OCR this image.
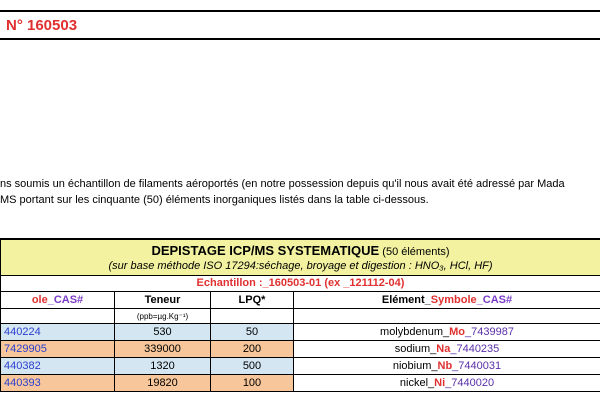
N° 160503
ns soumis un échantillon de filaments aéroportés (en notre possession depuis qu'il nous avait été adressé par Mada
MS portant sur les cinquante (50) éléments inorganiques listés dans la table ci-dessous.
DEPISTAGE ICP/MS SYSTEMATIQUE (50 éléments)
(sur base méthode ISO 17294:séchage, broyage et digestion : HNO₃, HCl, HF)
Echantillon :_160503-01 (ex _121112-04)
ole_CAS#	Teneur	LPQ*	Elément_Symbole_CAS#
	(ppb=µg.Kg⁻¹)		
440224	530	50	molybdenum_Mo_7439987
7429905	339000	200	sodium_Na_7440235
440382	1320	500	niobium_Nb_7440031
440393	19820	100	nickel_Ni_7440020
